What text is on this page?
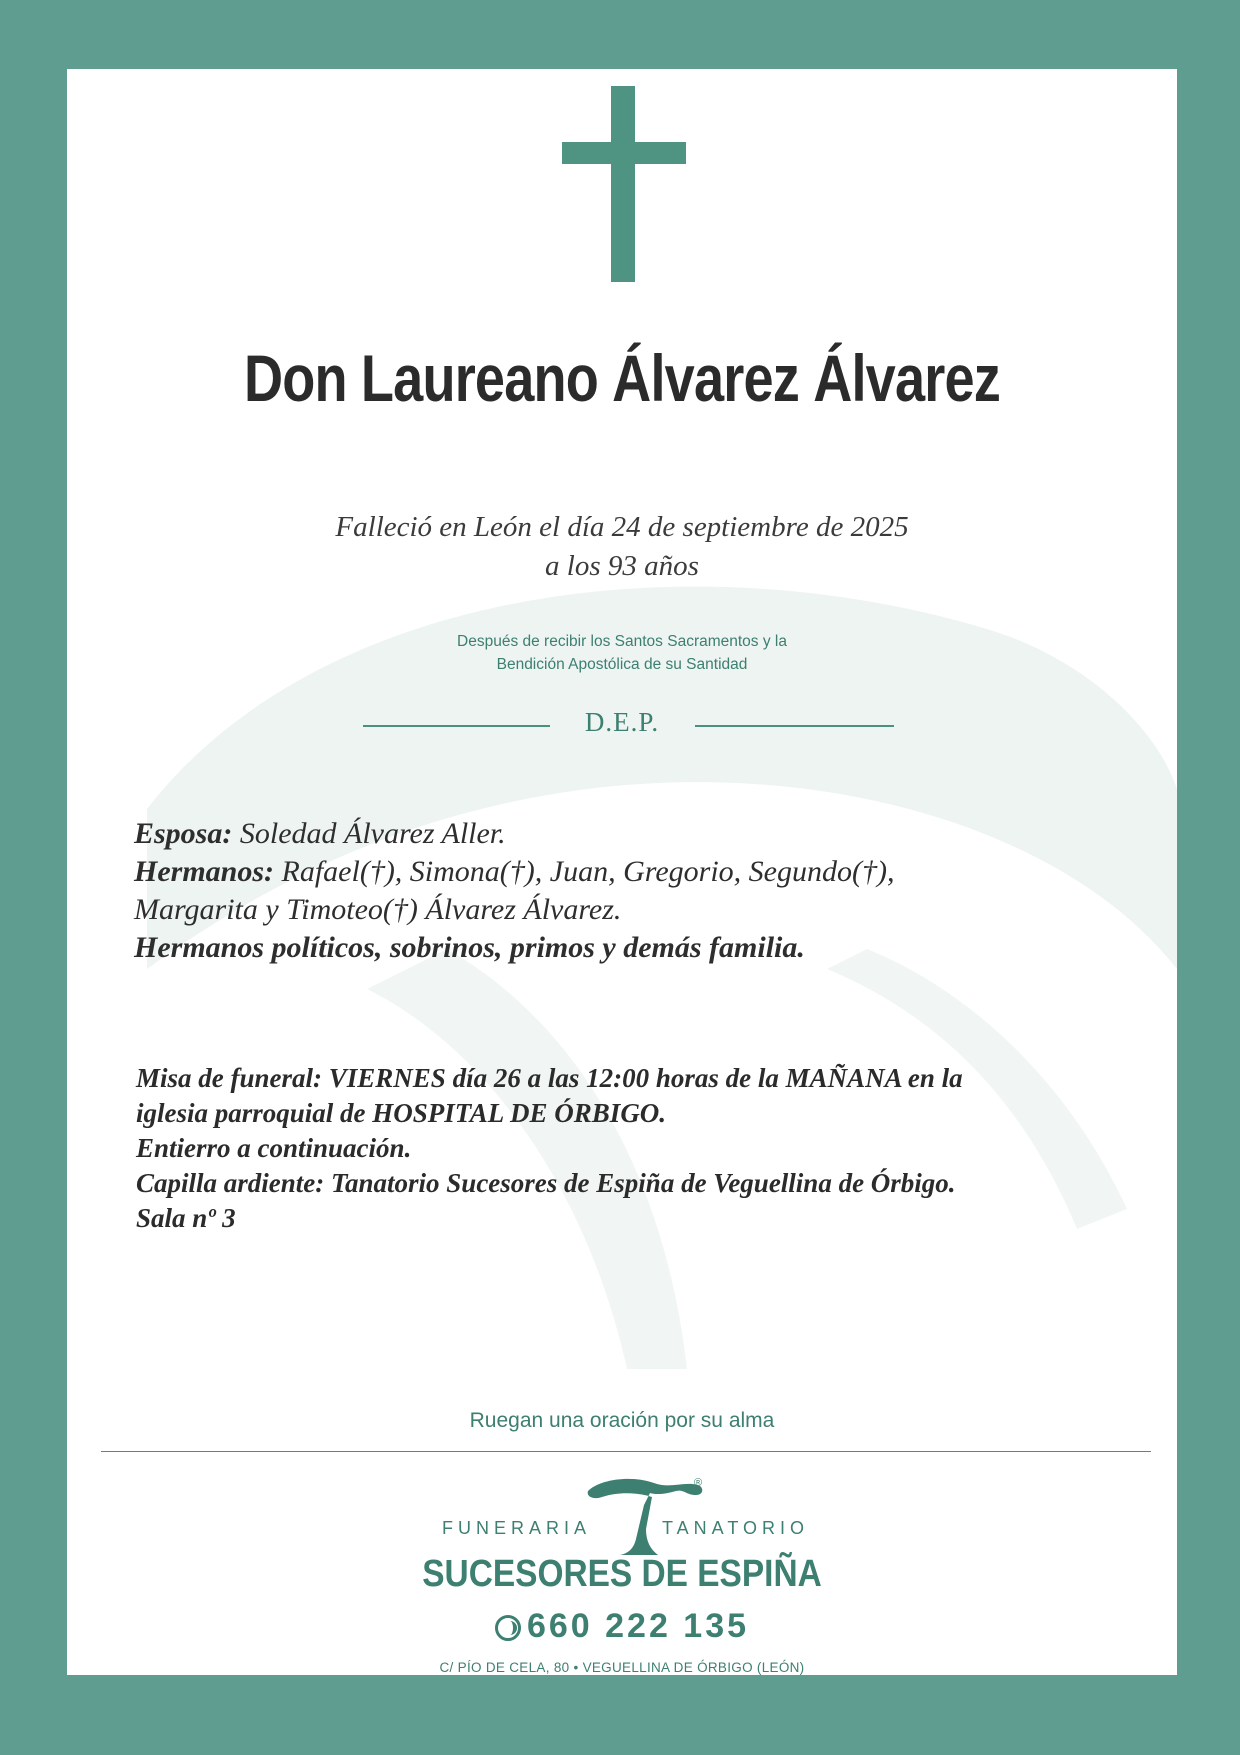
Don Laureano Álvarez Álvarez
Falleció en León el día 24 de septiembre de 2025
a los 93 años
Después de recibir los Santos Sacramentos y la
Bendición Apostólica de su Santidad
D.E.P.

Esposa: Soledad Álvarez Aller.

Hermanos: Rafael(†), Simona(†), Juan, Gregorio, Segundo(†),

Margarita y Timoteo(†) Álvarez Álvarez.

Hermanos políticos, sobrinos, primos y demás familia.

Misa de funeral: VIERNES día 26 a las 12:00 horas de la MAÑANA en la

iglesia parroquial de HOSPITAL DE ÓRBIGO.

Entierro a continuación.

Capilla ardiente: Tanatorio Sucesores de Espiña de Veguellina de Órbigo.

Sala nº 3

Ruegan una oración por su alma
®
FUNERARIA	TANATORIO
SUCESORES DE ESPIÑA
660 222 135
C/ PÍO DE CELA, 80 • VEGUELLINA DE ÓRBIGO (LEÓN)
